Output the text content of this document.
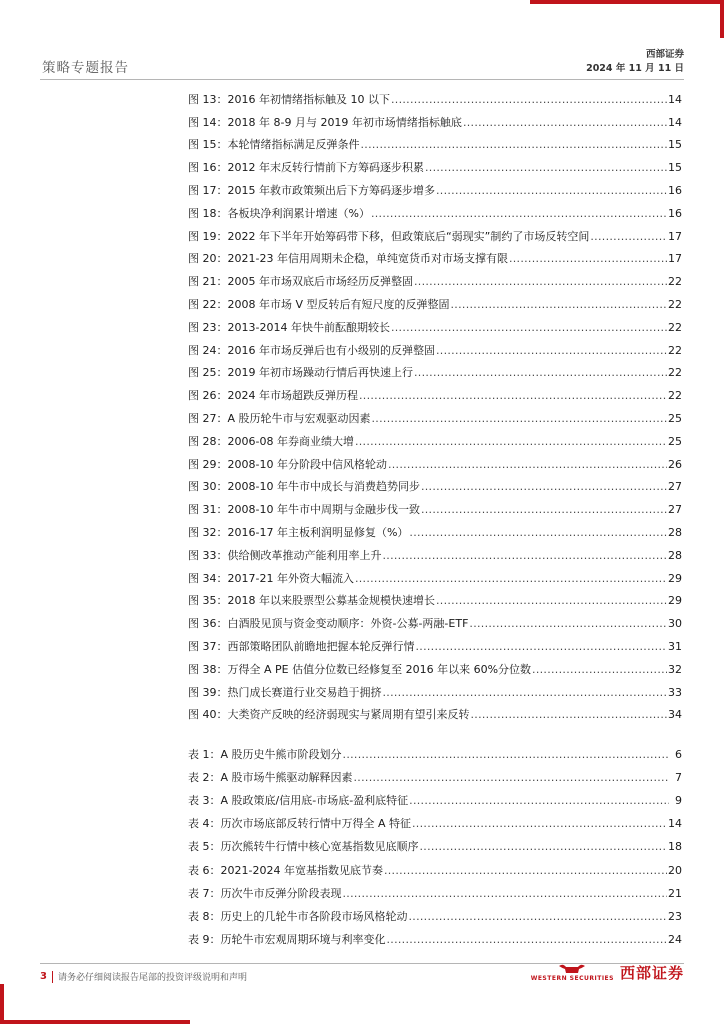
策略专题报告
西部证券
2024 年 11 月 11 日
图 13：2016 年初情绪指标触及 10 以下 .....	14
图 14：2018 年 8-9 月与 2019 年初市场情绪指标触底 .....	14
图 15：本轮情绪指标满足反弹条件 .....	15
图 16：2012 年末反转行情前下方筹码逐步积累 .....	15
图 17：2015 年救市政策频出后下方筹码逐步增多 .....	16
图 18：各板块净利润累计增速（%） .....	16
图 19：2022 年下半年开始筹码带下移，但政策底后“弱现实”制约了市场反转空间 .....	17
图 20：2021-23 年信用周期未企稳，单纯宽货币对市场支撑有限 .....	17
图 21：2005 年市场双底后市场经历反弹整固 .....	22
图 22：2008 年市场 V 型反转后有短尺度的反弹整固 .....	22
图 23：2013-2014 年快牛前酝酿期较长 .....	22
图 24：2016 年市场反弹后也有小级别的反弹整固 .....	22
图 25：2019 年初市场躁动行情后再快速上行 .....	22
图 26：2024 年市场超跌反弹历程 .....	22
图 27：A 股历轮牛市与宏观驱动因素 .....	25
图 28：2006-08 年券商业绩大增 .....	25
图 29：2008-10 年分阶段中信风格轮动 .....	26
图 30：2008-10 年牛市中成长与消费趋势同步 .....	27
图 31：2008-10 年牛市中周期与金融步伐一致 .....	27
图 32：2016-17 年主板利润明显修复（%） .....	28
图 33：供给侧改革推动产能利用率上升 .....	28
图 34：2017-21 年外资大幅流入 .....	29
图 35：2018 年以来股票型公募基金规模快速增长 .....	29
图 36：白酒股见顶与资金变动顺序：外资-公募-两融-ETF .....	30
图 37：西部策略团队前瞻地把握本轮反弹行情 .....	31
图 38：万得全 A PE 估值分位数已经修复至 2016 年以来 60%分位数 .....	32
图 39：热门成长赛道行业交易趋于拥挤 .....	33
图 40：大类资产反映的经济弱现实与紧周期有望引来反转 .....	34
表 1：A 股历史牛熊市阶段划分 .....	6
表 2：A 股市场牛熊驱动解释因素 .....	7
表 3：A 股政策底/信用底-市场底-盈利底特征 .....	9
表 4：历次市场底部反转行情中万得全 A 特征 .....	14
表 5：历次熊转牛行情中核心宽基指数见底顺序 .....	18
表 6：2021-2024 年宽基指数见底节奏 .....	20
表 7：历次牛市反弹分阶段表现 .....	21
表 8：历史上的几轮牛市各阶段市场风格轮动 .....	23
表 9：历轮牛市宏观周期环境与利率变化 .....	24
3 请务必仔细阅读报告尾部的投资评级说明和声明	WESTERN SECURITIES 西部证券
